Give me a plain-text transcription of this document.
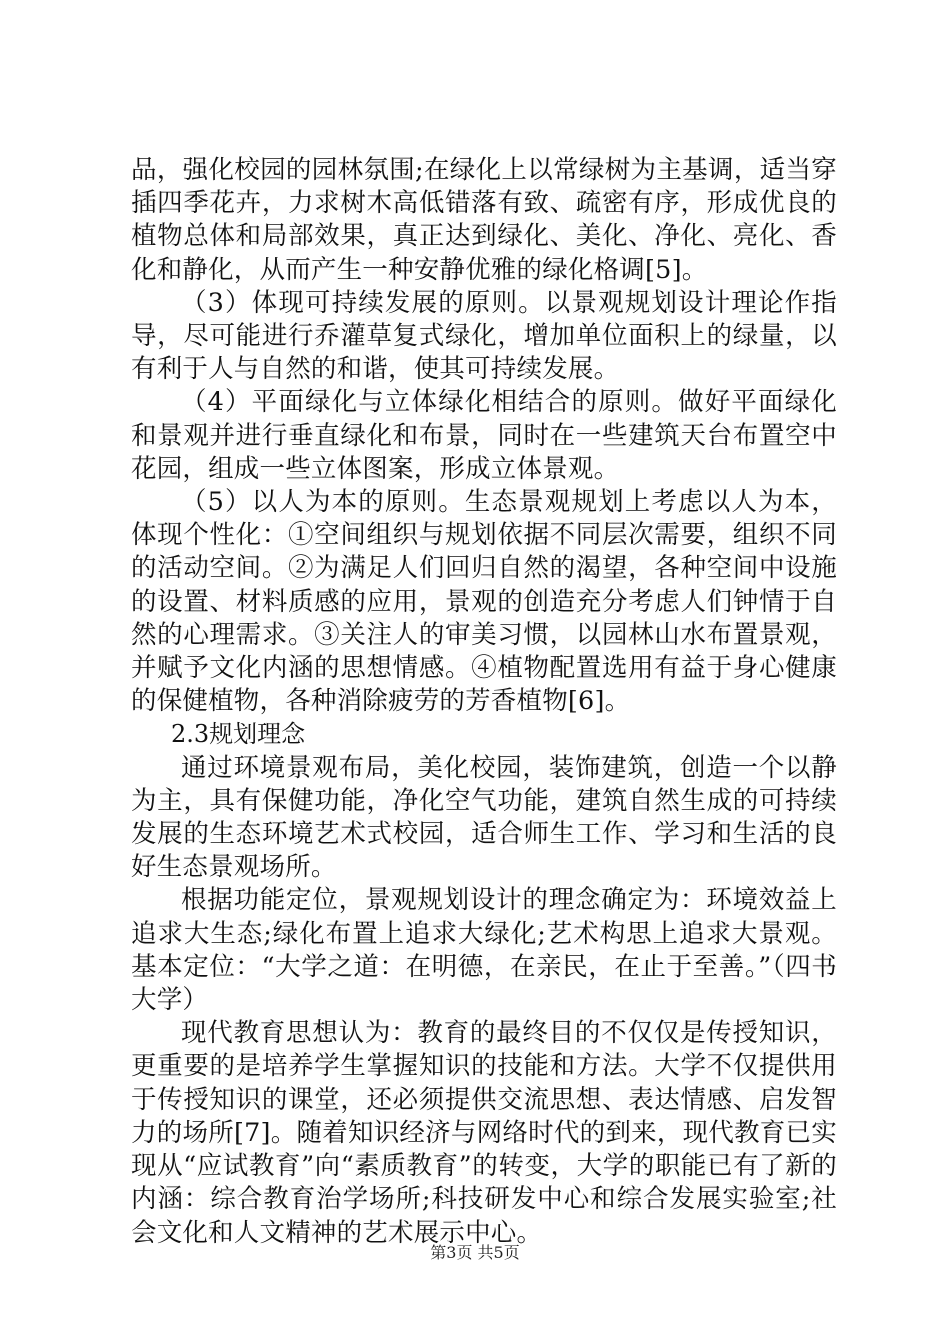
品，强化校园的园林氛围;在绿化上以常绿树为主基调，适当穿插四季花卉，力求树木高低错落有致、疏密有序，形成优良的植物总体和局部效果，真正达到绿化、美化、净化、亮化、香化和静化，从而产生一种安静优雅的绿化格调[5]。

（3）体现可持续发展的原则。以景观规划设计理论作指导，尽可能进行乔灌草复式绿化，增加单位面积上的绿量，以有利于人与自然的和谐，使其可持续发展。

（4）平面绿化与立体绿化相结合的原则。做好平面绿化和景观并进行垂直绿化和布景，同时在一些建筑天台布置空中花园，组成一些立体图案，形成立体景观。

（5）以人为本的原则。生态景观规划上考虑以人为本，体现个性化：①空间组织与规划依据不同层次需要，组织不同的活动空间。②为满足人们回归自然的渴望，各种空间中设施的设置、材料质感的应用，景观的创造充分考虑人们钟情于自然的心理需求。③关注人的审美习惯，以园林山水布置景观，并赋予文化内涵的思想情感。④植物配置选用有益于身心健康的保健植物，各种消除疲劳的芳香植物[6]。

2.3规划理念

通过环境景观布局，美化校园，装饰建筑，创造一个以静为主，具有保健功能，净化空气功能，建筑自然生成的可持续发展的生态环境艺术式校园，适合师生工作、学习和生活的良好生态景观场所。

根据功能定位，景观规划设计的理念确定为：环境效益上追求大生态;绿化布置上追求大绿化;艺术构思上追求大景观。基本定位：“大学之道：在明德，在亲民，在止于至善。”（四书大学）

现代教育思想认为：教育的最终目的不仅仅是传授知识，更重要的是培养学生掌握知识的技能和方法。大学不仅提供用于传授知识的课堂，还必须提供交流思想、表达情感、启发智力的场所[7]。随着知识经济与网络时代的到来，现代教育已实现从“应试教育”向“素质教育”的转变，大学的职能已有了新的内涵：综合教育治学场所;科技研发中心和综合发展实验室;社会文化和人文精神的艺术展示中心。

第3页 共5页
